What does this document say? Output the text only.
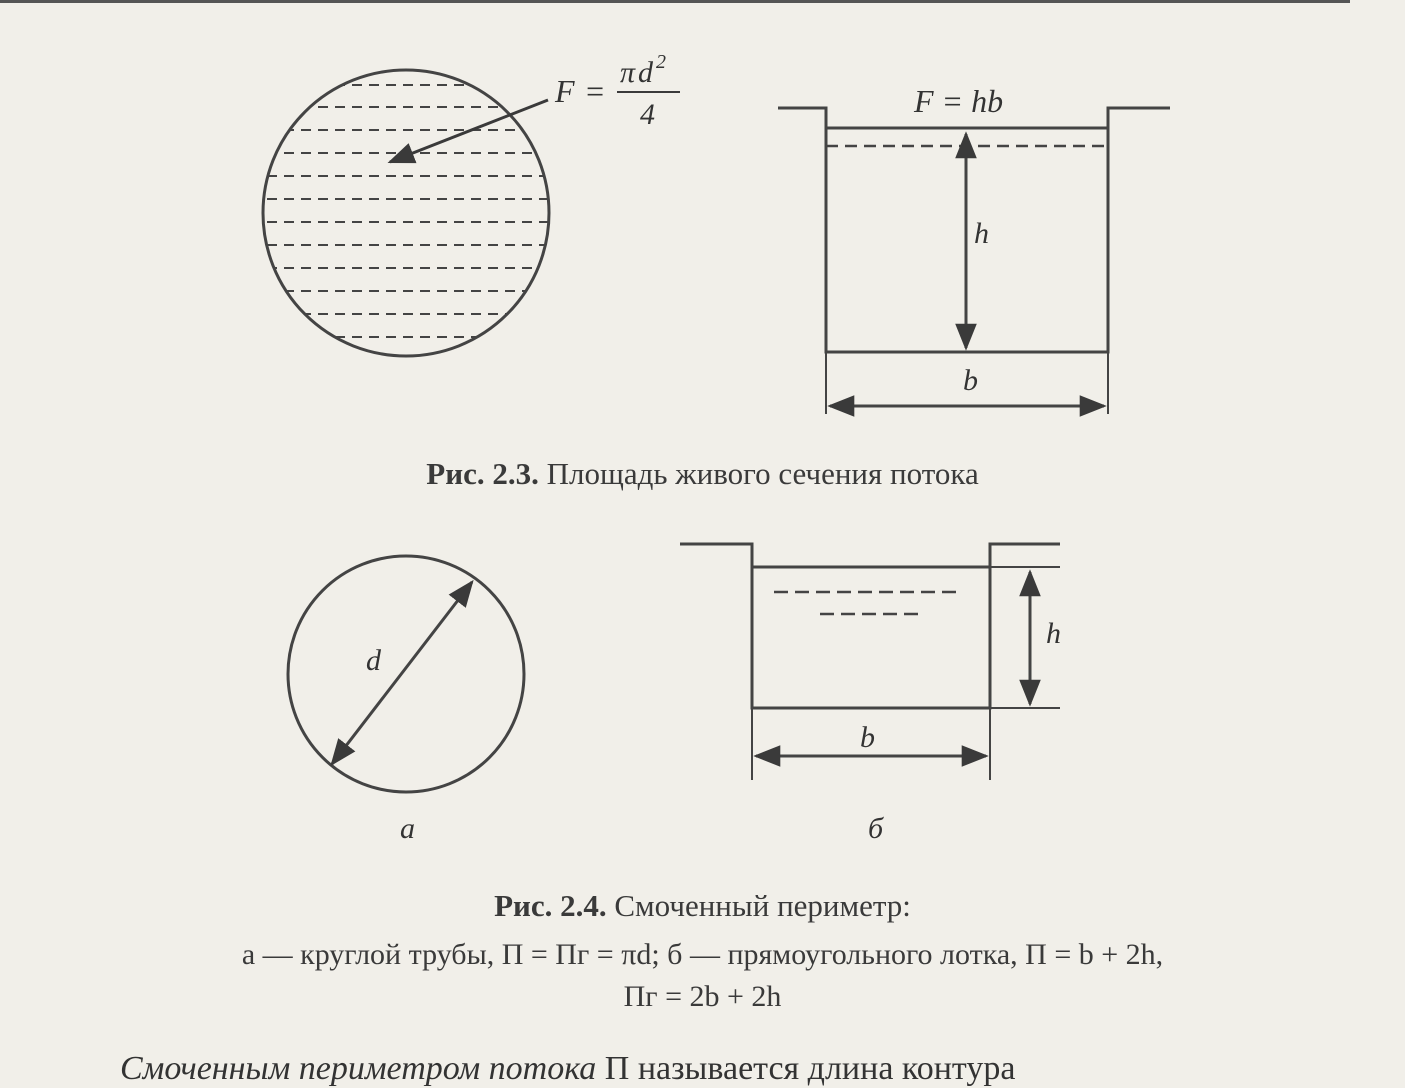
F =
π d 2
4	F = hb
h
b
d
а
h
b
б
Рис. 2.3. Площадь живого сечения потока
Рис. 2.4. Смоченный периметр:
а — круглой трубы, П = Пг = πd; б — прямоугольного лотка, П = b + 2h,
Пг = 2b + 2h
Смоченным периметром потока П называется длина контура
